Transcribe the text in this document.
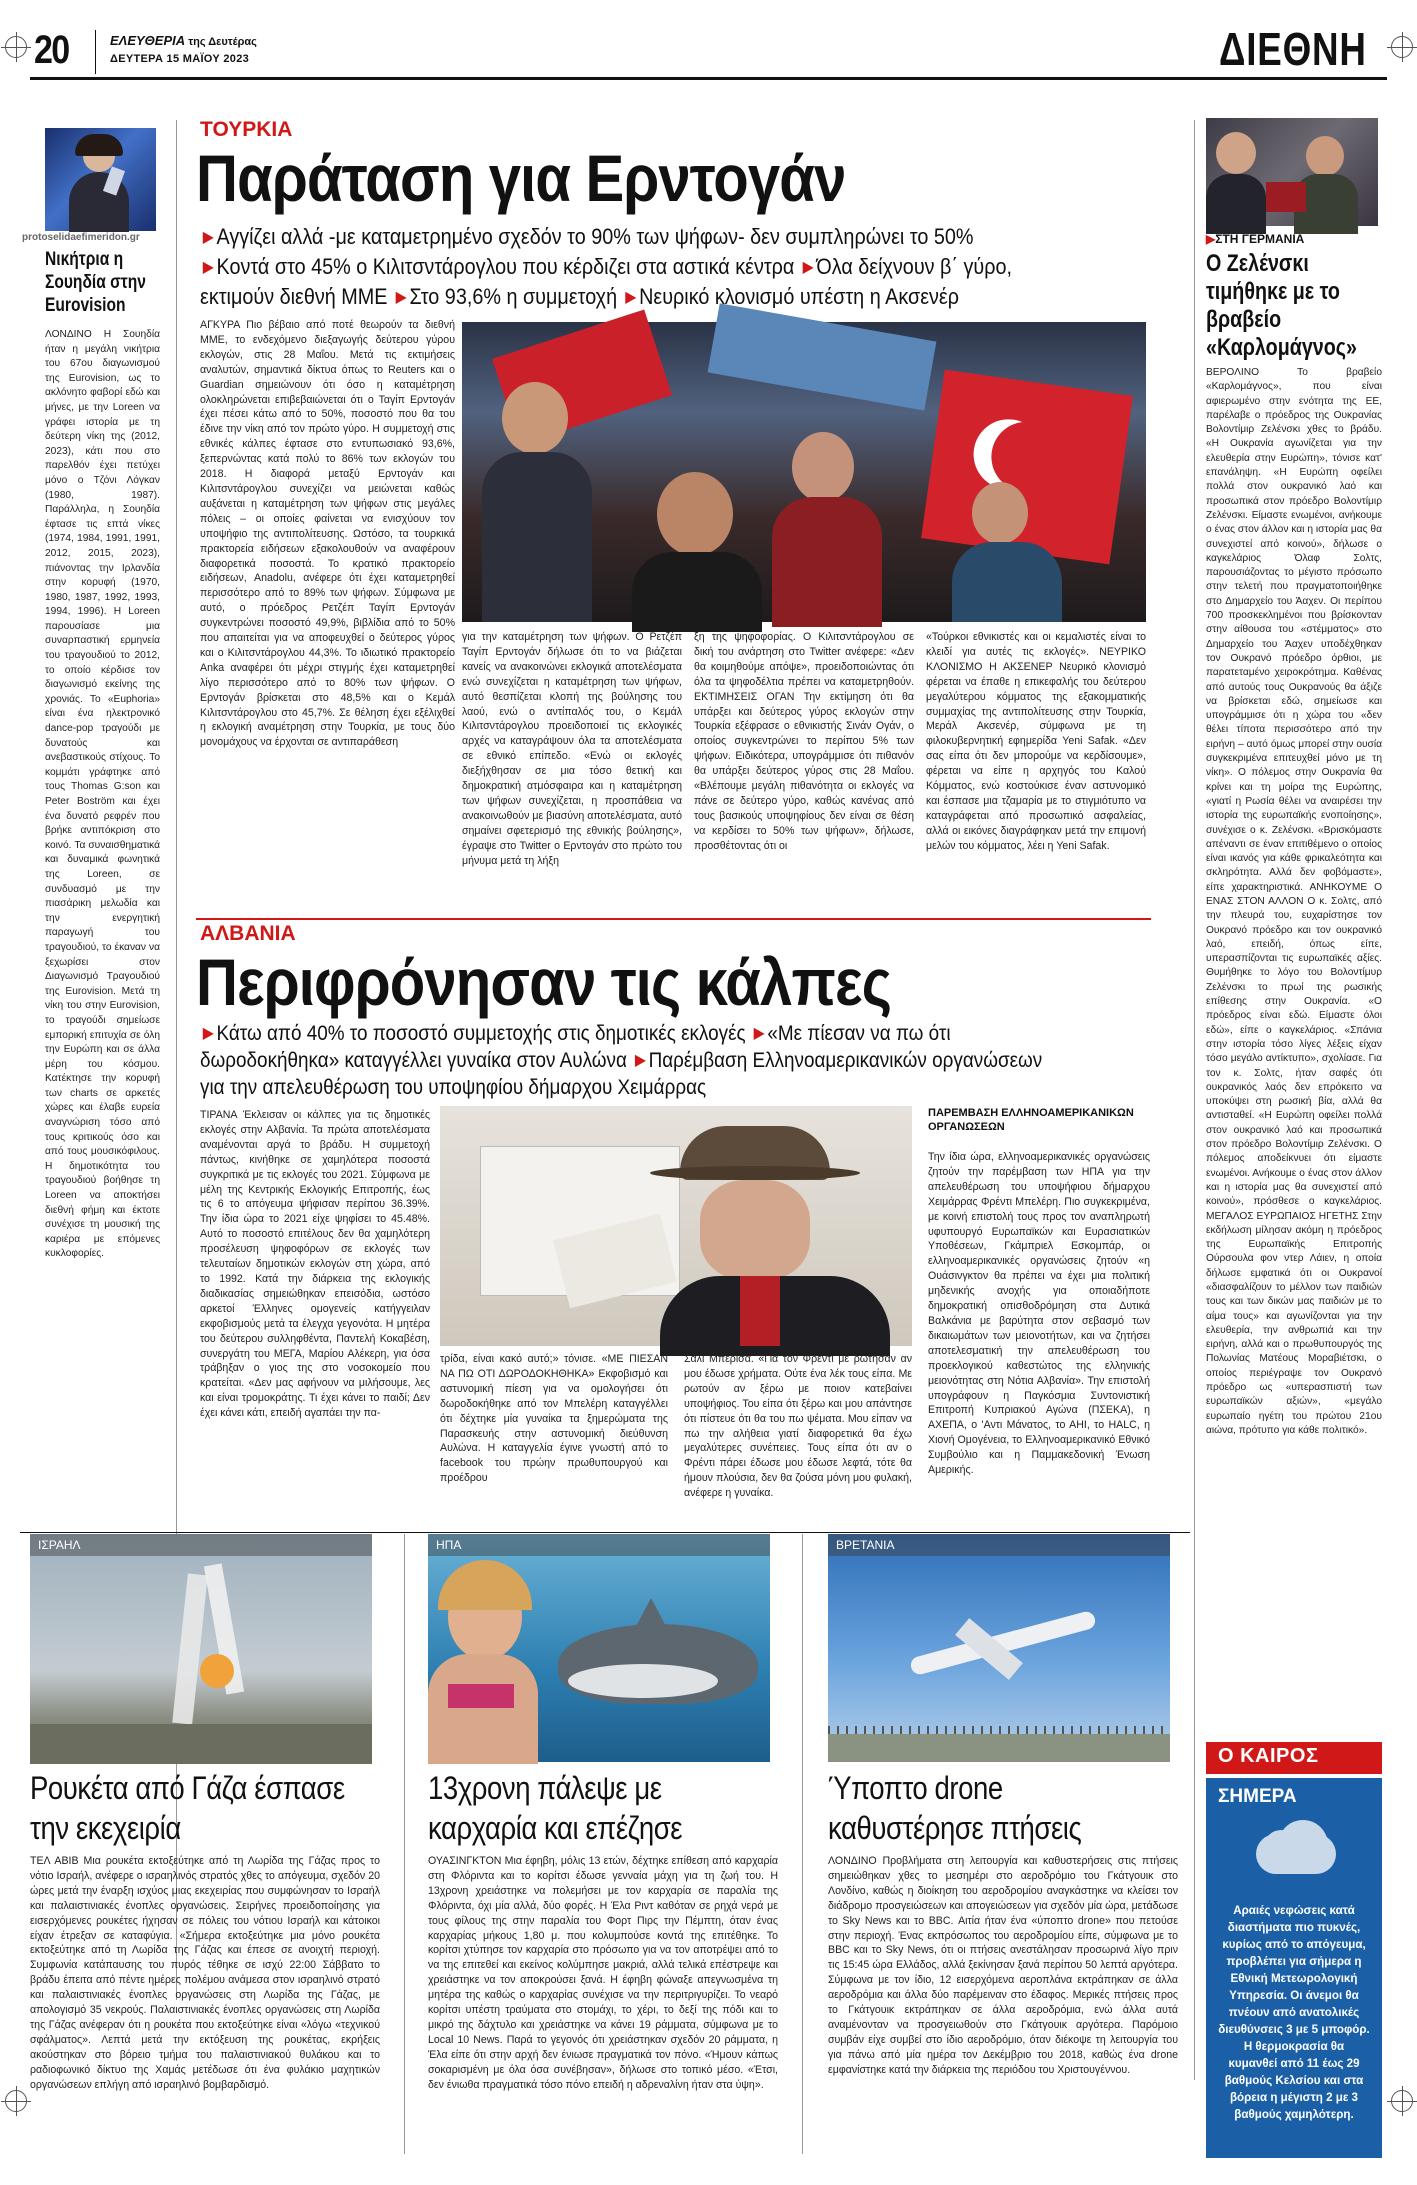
20	ΕΛΕΥΘΕΡΙΑ της Δευτέρας
ΔΕΥΤΕΡΑ 15 ΜΑΪΟΥ 2023	ΔΙΕΘΝΗ
protoselidaefimeridon.gr
Νικήτρια η Σουηδία στην Eurovision
ΛΟΝΔΙΝΟ Η Σουηδία ήταν η μεγάλη νικήτρια του 67ου διαγωνισμού της Eurovision, ως το ακλόνητο φαβορί εδώ και μήνες, με την Loreen να γράφει ιστορία με τη δεύτερη νίκη της (2012, 2023), κάτι που στο παρελθόν έχει πετύχει μόνο ο Τζόνι Λόγκαν (1980, 1987). Παράλληλα, η Σουηδία έφτασε τις επτά νίκες (1974, 1984, 1991, 1991, 2012, 2015, 2023), πιάνοντας την Ιρλανδία στην κορυφή (1970, 1980, 1987, 1992, 1993, 1994, 1996). Η Loreen παρουσίασε μια συναρπαστική ερμηνεία του τραγουδιού το 2012, το οποίο κέρδισε τον διαγωνισμό εκείνης της χρονιάς. Το «Euphoria» είναι ένα ηλεκτρονικό dance-pop τραγούδι με δυνατούς και ανεβαστικούς στίχους. Το κομμάτι γράφτηκε από τους Thomas G:son και Peter Boström και έχει ένα δυνατό ρεφρέν που βρήκε αντιπόκριση στο κοινό. Τα συναισθηματικά και δυναμικά φωνητικά της Loreen, σε συνδυασμό με την πιασάρικη μελωδία και την ενεργητική παραγωγή του τραγουδιού, το έκαναν να ξεχωρίσει στον Διαγωνισμό Τραγουδιού της Eurovision. Μετά τη νίκη του στην Eurovision, το τραγούδι σημείωσε εμπορική επιτυχία σε όλη την Ευρώπη και σε άλλα μέρη του κόσμου. Κατέκτησε την κορυφή των charts σε αρκετές χώρες και έλαβε ευρεία αναγνώριση τόσο από τους κριτικούς όσο και από τους μουσικόφιλους. Η δημοτικότητα του τραγουδιού βοήθησε τη Loreen να αποκτήσει διεθνή φήμη και έκτοτε συνέχισε τη μουσική της καριέρα με επόμενες κυκλοφορίες.
ΤΟΥΡΚΙΑ
Παράταση για Ερντογάν
▶ Αγγίζει αλλά -με καταμετρημένο σχεδόν το 90% των ψήφων- δεν συμπληρώνει το 50%
▶ Κοντά στο 45% ο Κιλιτσντάρογλου που κέρδιζει στα αστικά κέντρα ▶ Όλα δείχνουν β΄ γύρο, εκτιμούν διεθνή ΜΜΕ ▶ Στο 93,6% η συμμετοχή ▶ Νευρικό κλονισμό υπέστη η Ακσενέρ
ΑΓΚΥΡΑ Πιο βέβαιο από ποτέ θεωρούν τα διεθνή ΜΜΕ, το ενδεχόμενο διεξαγωγής δεύτερου γύρου εκλογών, στις 28 Μαΐου. Μετά τις εκτιμήσεις αναλυτών, σημαντικά δίκτυα όπως το Reuters και ο Guardian σημειώνουν ότι όσο η καταμέτρηση ολοκληρώνεται επιβεβαιώνεται ότι ο Ταγίπ Ερντογάν έχει πέσει κάτω από το 50%, ποσοστό που θα του έδινε την νίκη από τον πρώτο γύρο. Η συμμετοχή στις εθνικές κάλπες έφτασε στο εντυπωσιακό 93,6%, ξεπερνώντας κατά πολύ το 86% των εκλογών του 2018. Η διαφορά μεταξύ Ερντογάν και Κιλιτσντάρογλου συνεχίζει να μειώνεται καθώς αυξάνεται η καταμέτρηση των ψήφων στις μεγάλες πόλεις – οι οποίες φαίνεται να ενισχύουν τον υποψήφιο της αντιπολίτευσης. Ωστόσο, τα τουρκικά πρακτορεία ειδήσεων εξακολουθούν να αναφέρουν διαφορετικά ποσοστά. Το κρατικό πρακτορείο ειδήσεων, Anadolu, ανέφερε ότι έχει καταμετρηθεί περισσότερο από το 89% των ψήφων. Σύμφωνα με αυτό, ο πρόεδρος Ρετζέπ Ταγίπ Ερντογάν συγκεντρώνει ποσοστό 49,9%, βιβλίδια από το 50% που απαιτείται για να αποφευχθεί ο δεύτερος γύρος και ο Κιλιτσντάρογλου 44,3%. Το ιδιωτικό πρακτορείο Anka αναφέρει ότι μέχρι στιγμής έχει καταμετρηθεί λίγο περισσότερο από το 80% των ψήφων. Ο Ερντογάν βρίσκεται στο 48,5% και ο Κεμάλ Κιλιτσντάρογλου στο 45,7%. Σε θέληση έχει εξέλιχθεί η εκλογική αναμέτρηση στην Τουρκία, με τους δύο μονομάχους να έρχονται σε αντιπαράθεση
για την καταμέτρηση των ψήφων. Ο Ρετζέπ Ταγίπ Ερντογάν δήλωσε ότι το να βιάζεται κανείς να ανακοινώνει εκλογικά αποτελέσματα ενώ συνεχίζεται η καταμέτρηση των ψήφων, αυτό θεσπίζεται κλοπή της βούλησης του λαού, ενώ ο αντίπαλός του, ο Κεμάλ Κιλιτσντάρογλου προειδοποιεί τις εκλογικές αρχές να καταγράψουν όλα τα αποτελέσματα σε εθνικό επίπεδο. «Ενώ οι εκλογές διεξήχθησαν σε μια τόσο θετική και δημοκρατική ατμόσφαιρα και η καταμέτρηση των ψήφων συνεχίζεται, η προσπάθεια να ανακοινωθούν με βιασύνη αποτελέσματα, αυτό σημαίνει σφετερισμό της εθνικής βούλησης», έγραψε στο Twitter ο Ερντογάν στο πρώτο του μήνυμα μετά τη λήξη
ξη της ψηφοφορίας. Ο Κιλιτσντάρογλου σε δική του ανάρτηση στο Twitter ανέφερε: «Δεν θα κοιμηθούμε απόψε», προειδοποιώντας ότι όλα τα ψηφοδέλτια πρέπει να καταμετρηθούν. ΕΚΤΙΜΗΣΕΙΣ ΟΓΑΝ Την εκτίμηση ότι θα υπάρξει και δεύτερος γύρος εκλογών στην Τουρκία εξέφρασε ο εθνικιστής Σινάν Ογάν, ο οποίος συγκεντρώνει το περίπου 5% των ψήφων. Ειδικότερα, υπογράμμισε ότι πιθανόν θα υπάρξει δεύτερος γύρος στις 28 Μαΐου. «Βλέπουμε μεγάλη πιθανότητα οι εκλογές να πάνε σε δεύτερο γύρο, καθώς κανένας από τους βασικούς υποψηφίους δεν είναι σε θέση να κερδίσει το 50% των ψήφων», δήλωσε, προσθέτοντας ότι οι
«Τούρκοι εθνικιστές και οι κεμαλιστές είναι το κλειδί για αυτές τις εκλογές». ΝΕΥΡΙΚΟ ΚΛΟΝΙΣΜΟ Η ΑΚΣΕΝΕΡ Νευρικό κλονισμό φέρεται να έπαθε η επικεφαλής του δεύτερου μεγαλύτερου κόμματος της εξακομματικής συμμαχίας της αντιπολίτευσης στην Τουρκία, Μεράλ Ακσενέρ, σύμφωνα με τη φιλοκυβερνητική εφημερίδα Yeni Safak. «Δεν σας είπα ότι δεν μπορούμε να κερδίσουμε», φέρεται να είπε η αρχηγός του Καλού Κόμματος, ενώ κοστούκισε έναν αστυνομικό και έσπασε μια τζαμαρία με το στιγμιότυπο να καταγράφεται από προσωπικό ασφαλείας, αλλά οι εικόνες διαγράφηκαν μετά την επιμονή μελών του κόμματος, λέει η Yeni Safak.
ΑΛΒΑΝΙΑ
Περιφρόνησαν τις κάλπες
▶ Κάτω από 40% το ποσοστό συμμετοχής στις δημοτικές εκλογές ▶ «Με πίεσαν να πω ότι δωροδοκήθηκα» καταγγέλλει γυναίκα στον Αυλώνα ▶ Παρέμβαση Ελληνοαμερικανικών οργανώσεων για την απελευθέρωση του υποψηφίου δήμαρχου Χειμάρρας
ΤΙΡΑΝΑ Έκλεισαν οι κάλπες για τις δημοτικές εκλογές στην Αλβανία. Τα πρώτα αποτελέσματα αναμένονται αργά το βράδυ. Η συμμετοχή πάντως, κινήθηκε σε χαμηλότερα ποσοστά συγκριτικά με τις εκλογές του 2021. Σύμφωνα με μέλη της Κεντρικής Εκλογικής Επιτροπής, έως τις 6 το απόγευμα ψήφισαν περίπου 36.39%. Την ίδια ώρα το 2021 είχε ψηφίσει το 45.48%. Αυτό το ποσοστό επιτέλους δεν θα χαμηλότερη προσέλευση ψηφοφόρων σε εκλογές των τελευταίων δημοτικών εκλογών στη χώρα, από το 1992. Κατά την διάρκεια της εκλογικής διαδικασίας σημειώθηκαν επεισόδια, ωστόσο αρκετοί Έλληνες ομογενείς κατήγγειλαν εκφοβισμούς μετά τα έλεγχα γεγονότα. Η μητέρα του δεύτερου συλληφθέντα, Παντελή Κοκαβέση, συνεργάτη του ΜΕΓΑ, Μαρίου Αλέκερη, για όσα τράβηξαν ο γιος της στο νοσοκομείο που κρατείται. «Δεν μας αφήνουν να μιλήσουμε, λες και είναι τρομοκράτης. Τι έχει κάνει το παιδί; Δεν έχει κάνει κάτι, επειδή αγαπάει την πα-
τρίδα, είναι κακό αυτό;» τόνισε. «ΜΕ ΠΙΕΣΑΝ ΝΑ ΠΩ ΟΤΙ ΔΩΡΟΔΟΚΗΘΗΚΑ» Εκφοβισμό και αστυνομική πίεση για να ομολογήσει ότι δωροδοκήθηκε από τον Μπελέρη καταγγέλλει ότι δέχτηκε μία γυναίκα τα ξημερώματα της Παρασκευής στην αστυνομική διεύθυνση Αυλώνα. Η καταγγελία έγινε γνωστή από το facebook του πρώην πρωθυπουργού και προέδρου
Σαλί Μπερίσα. «Για τον Φρέντι με ρώτησαν αν μου έδωσε χρήματα. Ούτε ένα λέκ τους είπα. Με ρωτούν αν ξέρω με ποιον κατεβαίνει υποψήφιος. Του είπα ότι ξέρω και μου απάντησε ότι πίστευε ότι θα του πω ψέματα. Μου είπαν να πω την αλήθεια γιατί διαφορετικά θα έχω μεγαλύτερες συνέπειες. Τους είπα ότι αν ο Φρέντι πάρει έδωσε μου έδωσε λεφτά, τότε θα ήμουν πλούσια, δεν θα ζούσα μόνη μου φυλακή, ανέφερε η γυναίκα.
ΠΑΡΕΜΒΑΣΗ ΕΛΛΗΝΟΑΜΕΡΙΚΑΝΙΚΩΝ ΟΡΓΑΝΩΣΕΩΝ
Την ίδια ώρα, ελληνοαμερικανικές οργανώσεις ζητούν την παρέμβαση των ΗΠΑ για την απελευθέρωση του υποψήφιου δήμαρχου Χειμάρρας Φρέντι Μπελέρη. Πιο συγκεκριμένα, με κοινή επιστολή τους προς τον αναπληρωτή υφυπουργό Ευρωπαϊκών και Ευρασιατικών Υποθέσεων, Γκάμπριελ Εσκομπάρ, οι ελληνοαμερικανικές οργανώσεις ζητούν «η Ουάσινγκτον θα πρέπει να έχει μια πολιτική μηδενικής ανοχής για οποιαδήποτε δημοκρατική οπισθοδρόμηση στα Δυτικά Βαλκάνια με βαρύτητα στον σεβασμό των δικαιωμάτων των μειονοτήτων, και να ζητήσει αποτελεσματική την απελευθέρωση του προεκλογικού καθεστώτος της ελληνικής μειονότητας στη Νότια Αλβανία». Την επιστολή υπογράφουν η Παγκόσμια Συντονιστική Επιτροπή Κυπριακού Αγώνα (ΠΣΕΚΑ), η ΑΧΕΠΑ, ο 'Αντι Μάνατος, το ΑΗΙ, το HALC, η Χιονή Ομογένεια, το Ελληνοαμερικανικό Εθνικό Συμβούλιο και η Παμμακεδονική Ένωση Αμερικής.
▶ΣΤΗ ΓΕΡΜΑΝΙΑ
Ο Ζελένσκι τιμήθηκε με το βραβείο «Καρλομάγνος»
ΒΕΡΟΛΙΝΟ Το βραβείο «Καρλομάγνος», που είναι αφιερωμένο στην ενότητα της ΕΕ, παρέλαβε ο πρόεδρος της Ουκρανίας Βολοντίμιρ Ζελένσκι χθες το βράδυ. «Η Ουκρανία αγωνίζεται για την ελευθερία στην Ευρώπη», τόνισε κατ' επανάληψη. «Η Ευρώπη οφείλει πολλά στον ουκρανικό λαό και προσωπικά στον πρόεδρο Βολοντίμιρ Ζελένσκι. Είμαστε ενωμένοι, ανήκουμε ο ένας στον άλλον και η ιστορία μας θα συνεχιστεί από κοινού», δήλωσε ο καγκελάριος Όλαφ Σολτς, παρουσιάζοντας το μέγιστο πρόσωπο στην τελετή που πραγματοποιήθηκε στο Δημαρχείο του Άαχεν. Οι περίπου 700 προσκεκλημένοι που βρίσκονταν στην αίθουσα του «στέμματος» στο Δημαρχείο του Άαχεν υποδέχθηκαν τον Ουκρανό πρόεδρο όρθιοι, με παρατεταμένο χειροκρότημα. Καθένας από αυτούς τους Ουκρανούς θα άξιζε να βρίσκεται εδώ, σημείωσε και υπογράμμισε ότι η χώρα του «δεν θέλει τίποτα περισσότερο από την ειρήνη – αυτό όμως μπορεί στην ουσία συγκεκριμένα επιτευχθεί μόνο με τη νίκη». Ο πόλεμος στην Ουκρανία θα κρίνει και τη μοίρα της Ευρώπης, «γιατί η Ρωσία θέλει να αναιρέσει την ιστορία της ευρωπαϊκής ενοποίησης», συνέχισε ο κ. Ζελένσκι. «Βρισκόμαστε απέναντι σε έναν επιτιθέμενο ο οποίος είναι ικανός για κάθε φρικαλεότητα και σκληρότητα. Αλλά δεν φοβόμαστε», είπε χαρακτηριστικά. ΑΝΗΚΟΥΜΕ Ο ΕΝΑΣ ΣΤΟΝ ΑΛΛΟΝ Ο κ. Σολτς, από την πλευρά του, ευχαρίστησε τον Ουκρανό πρόεδρο και τον ουκρανικό λαό, επειδή, όπως είπε, υπερασπίζονται τις ευρωπαϊκές αξίες. Θυμήθηκε το λόγο του Βολοντίμυρ Ζελένσκι το πρωί της ρωσικής επίθεσης στην Ουκρανία. «Ο πρόεδρος είναι εδώ. Είμαστε όλοι εδώ», είπε ο καγκελάριος. «Σπάνια στην ιστορία τόσο λίγες λέξεις είχαν τόσο μεγάλο αντίκτυπο», σχολίασε. Για τον κ. Σολτς, ήταν σαφές ότι ουκρανικός λαός δεν επρόκειτο να υποκύψει στη ρωσική βία, αλλά θα αντισταθεί. «Η Ευρώπη οφείλει πολλά στον ουκρανικό λαό και προσωπικά στον πρόεδρο Βολοντίμιρ Ζελένσκι. Ο πόλεμος αποδείκνυει ότι είμαστε ενωμένοι. Ανήκουμε ο ένας στον άλλον και η ιστορία μας θα συνεχιστεί από κοινού», πρόσθεσε ο καγκελάριος. ΜΕΓΑΛΟΣ ΕΥΡΩΠΑΙΟΣ ΗΓΕΤΗΣ Στην εκδήλωση μίλησαν ακόμη η πρόεδρος της Ευρωπαϊκής Επιτροπής Ούρσουλα φον ντερ Λάιεν, η οποία δήλωσε εμφατικά ότι οι Ουκρανοί «διασφαλίζουν το μέλλον των παιδιών τους και των δικών μας παιδιών με το αίμα τους» και αγωνίζονται για την ελευθερία, την ανθρωπιά και την ειρήνη, αλλά και ο πρωθυπουργός της Πολωνίας Ματέους Μοραβιέτσκι, ο οποίος περιέγραψε τον Ουκρανό πρόεδρο ως «υπερασπιστή των ευρωπαϊκών αξιών», «μεγάλο ευρωπαίο ηγέτη του πρώτου 21ου αιώνα, πρότυπο για κάθε πολιτικό».
ΙΣΡΑΗΛ
Ρουκέτα από Γάζα έσπασε την εκεχειρία
ΤΕΛ ΑΒΙΒ Μια ρουκέτα εκτοξεύτηκε από τη Λωρίδα της Γάζας προς το νότιο Ισραήλ, ανέφερε ο ισραηλινός στρατός χθες το απόγευμα, σχεδόν 20 ώρες μετά την έναρξη ισχύος μιας εκεχειρίας που συμφώνησαν το Ισραήλ και παλαιστινιακές ένοπλες οργανώσεις. Σειρήνες προειδοποίησης για εισερχόμενες ρουκέτες ήχησαν σε πόλεις του νότιου Ισραήλ και κάτοικοι είχαν έτρεξαν σε καταφύγια. «Σήμερα εκτοξεύτηκε μια μόνο ρουκέτα εκτοξεύτηκε από τη Λωρίδα της Γάζας και έπεσε σε ανοιχτή περιοχή. Συμφωνία κατάπαυσης του πυρός τέθηκε σε ισχύ 22:00 Σάββατο το βράδυ έπειτα από πέντε ημέρες πολέμου ανάμεσα στον ισραηλινό στρατό και παλαιστινιακές ένοπλες οργανώσεις στη Λωρίδα της Γάζας, με απολογισμό 35 νεκρούς. Παλαιστινιακές ένοπλες οργανώσεις στη Λωρίδα της Γάζας ανέφεραν ότι η ρουκέτα που εκτοξεύτηκε είναι «λόγω «τεχνικού σφάλματος». Λεπτά μετά την εκτόξευση της ρουκέτας, εκρήξεις ακούστηκαν στο βόρειο τμήμα του παλαιστινιακού θυλάκου και το ραδιοφωνικό δίκτυο της Χαμάς μετέδωσε ότι ένα φυλάκιο μαχητικών οργανώσεων επλήγη από ισραηλινό βομβαρδισμό.
ΗΠΑ
13χρονη πάλεψε με καρχαρία και επέζησε
ΟΥΑΣΙΝΓΚΤΟΝ Μια έφηβη, μόλις 13 ετών, δέχτηκε επίθεση από καρχαρία στη Φλόριντα και το κορίτσι έδωσε γενναία μάχη για τη ζωή του. Η 13χρονη χρειάστηκε να πολεμήσει με τον καρχαρία σε παραλία της Φλόριντα, όχι μία αλλά, δύο φορές. Η Έλα Ριντ καθόταν σε ρηχά νερά με τους φίλους της στην παραλία του Φορτ Πιρς την Πέμπτη, όταν ένας καρχαρίας μήκους 1,80 μ. που κολυμπούσε κοντά της επιτέθηκε. Το κορίτσι χτύπησε τον καρχαρία στο πρόσωπο για να τον αποτρέψει από το να της επιτεθεί και εκείνος κολύμπησε μακριά, αλλά τελικά επέστρεψε και χρειάστηκε να τον αποκρούσει ξανά. Η έφηβη φώναξε απεγνωσμένα τη μητέρα της καθώς ο καρχαρίας συνέχισε να την περιτριγυρίζει. Το νεαρό κορίτσι υπέστη τραύματα στο στομάχι, το χέρι, το δεξί της πόδι και το μικρό της δάχτυλο και χρειάστηκε να κάνει 19 ράμματα, σύμφωνα με το Local 10 News. Παρά το γεγονός ότι χρειάστηκαν σχεδόν 20 ράμματα, η Έλα είπε ότι στην αρχή δεν ένιωσε πραγματικά τον πόνο. «Ήμουν κάπως σοκαρισμένη με όλα όσα συνέβησαν», δήλωσε στο τοπικό μέσο. «Έτσι, δεν ένιωθα πραγματικά τόσο πόνο επειδή η αδρεναλίνη ήταν στα ύψη».
ΒΡΕΤΑΝΙΑ
Ύποπτο drone καθυστέρησε πτήσεις
ΛΟΝΔΙΝΟ Προβλήματα στη λειτουργία και καθυστερήσεις στις πτήσεις σημειώθηκαν χθες το μεσημέρι στο αεροδρόμιο του Γκάτγουικ στο Λονδίνο, καθώς η διοίκηση του αεροδρομίου αναγκάστηκε να κλείσει τον διάδρομο προσγειώσεων και απογειώσεων για σχεδόν μία ώρα, μετάδωσε το Sky News και το BBC. Αιτία ήταν ένα «ύποπτο drone» που πετούσε στην περιοχή. Ένας εκπρόσωπος του αεροδρομίου είπε, σύμφωνα με το BBC και το Sky News, ότι οι πτήσεις ανεστάλησαν προσωρινά λίγο πριν τις 15:45 ώρα Ελλάδος, αλλά ξεκίνησαν ξανά περίπου 50 λεπτά αργότερα. Σύμφωνα με τον ίδιο, 12 εισερχόμενα αεροπλάνα εκτράπηκαν σε άλλα αεροδρόμια και άλλα δύο παρέμειναν στο έδαφος. Μερικές πτήσεις προς το Γκάτγουικ εκτράπηκαν σε άλλα αεροδρόμια, ενώ άλλα αυτά αναμένονταν να προσγειωθούν στο Γκάτγουικ αργότερα. Παρόμοιο συμβάν είχε συμβεί στο ίδιο αεροδρόμιο, όταν διέκοψε τη λειτουργία του για πάνω από μία ημέρα τον Δεκέμβριο του 2018, καθώς ένα drone εμφανίστηκε κατά την διάρκεια της περιόδου του Χριστουγέννου.
Ο ΚΑΙΡΟΣ
ΣΗΜΕΡΑ
Αραιές νεφώσεις κατά διαστήματα πιο πυκνές, κυρίως από το απόγευμα, προβλέπει για σήμερα η Εθνική Μετεωρολογική Υπηρεσία. Οι άνεμοι θα πνέουν από ανατολικές διευθύνσεις 3 με 5 μποφόρ. Η θερμοκρασία θα κυμανθεί από 11 έως 29 βαθμούς Κελσίου και στα βόρεια η μέγιστη 2 με 3 βαθμούς χαμηλότερη.
